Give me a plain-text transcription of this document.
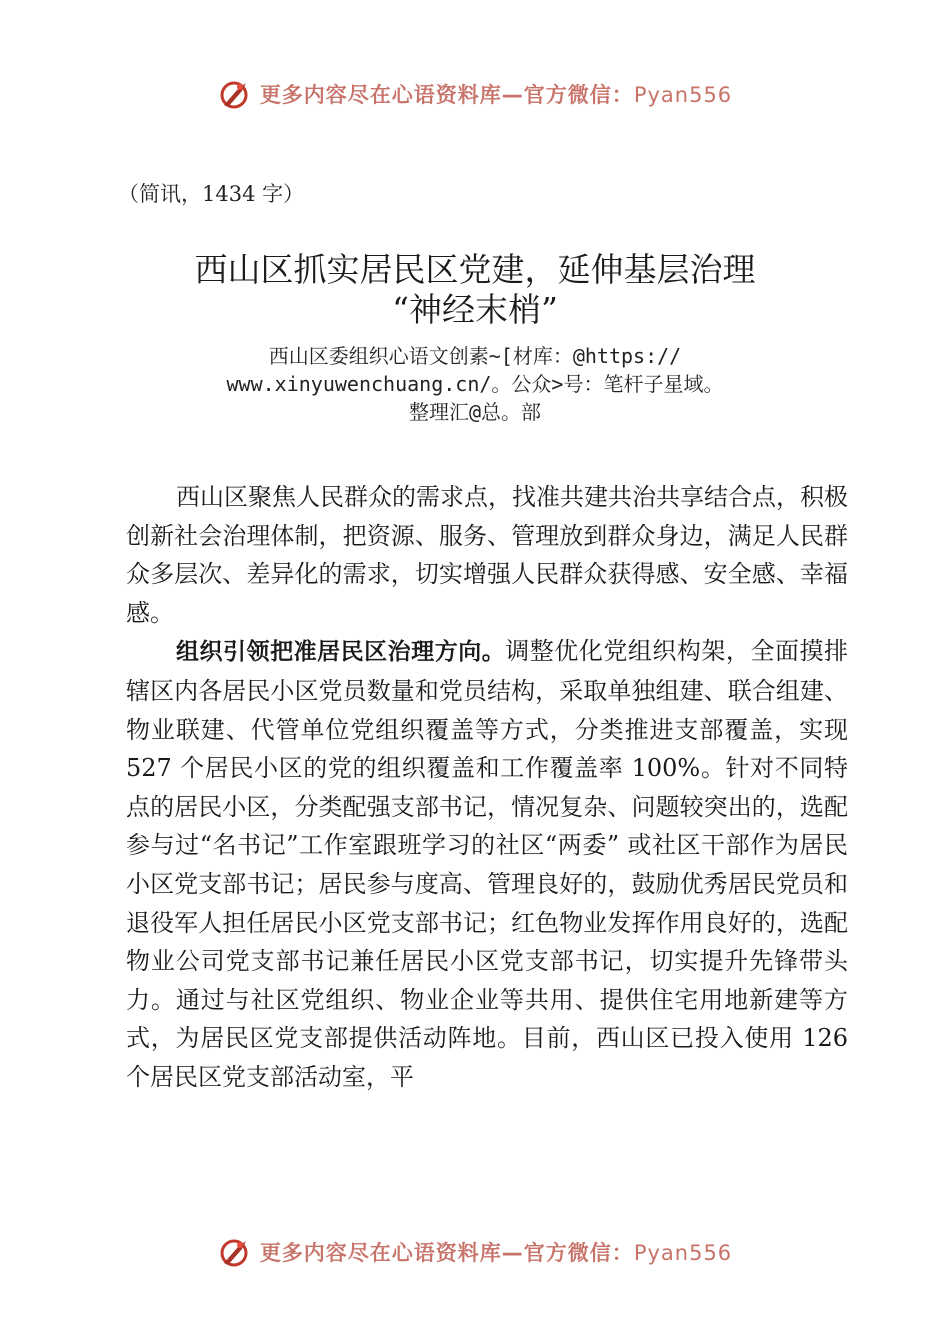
更多内容尽在心语资料库—官方微信：Pyan556
（简讯，1434 字）
西山区抓实居民区党建，延伸基层治理
“神经末梢”
西山区委组织心语文创素~[材库：@https://
www.xinyuwenchuang.cn/。公众>号：笔杆子星域。
整理汇@总。部

西山区聚焦人民群众的需求点，找准共建共治共享结合点，积极创新社会治理体制，把资源、服务、管理放到群众身边，满足人民群众多层次、差异化的需求，切实增强人民群众获得感、安全感、幸福感。

组织引领把准居民区治理方向。调整优化党组织构架，全面摸排辖区内各居民小区党员数量和党员结构，采取单独组建、联合组建、物业联建、代管单位党组织覆盖等方式，分类推进支部覆盖，实现 527 个居民小区的党的组织覆盖和工作覆盖率 100%。针对不同特点的居民小区，分类配强支部书记，情况复杂、问题较突出的，选配参与过“名书记”工作室跟班学习的社区“两委” 或社区干部作为居民小区党支部书记；居民参与度高、管理良好的，鼓励优秀居民党员和退役军人担任居民小区党支部书记；红色物业发挥作用良好的，选配物业公司党支部书记兼任居民小区党支部书记，切实提升先锋带头力。通过与社区党组织、物业企业等共用、提供住宅用地新建等方式，为居民区党支部提供活动阵地。目前，西山区已投入使用 126 个居民区党支部活动室，平

更多内容尽在心语资料库—官方微信：Pyan556
